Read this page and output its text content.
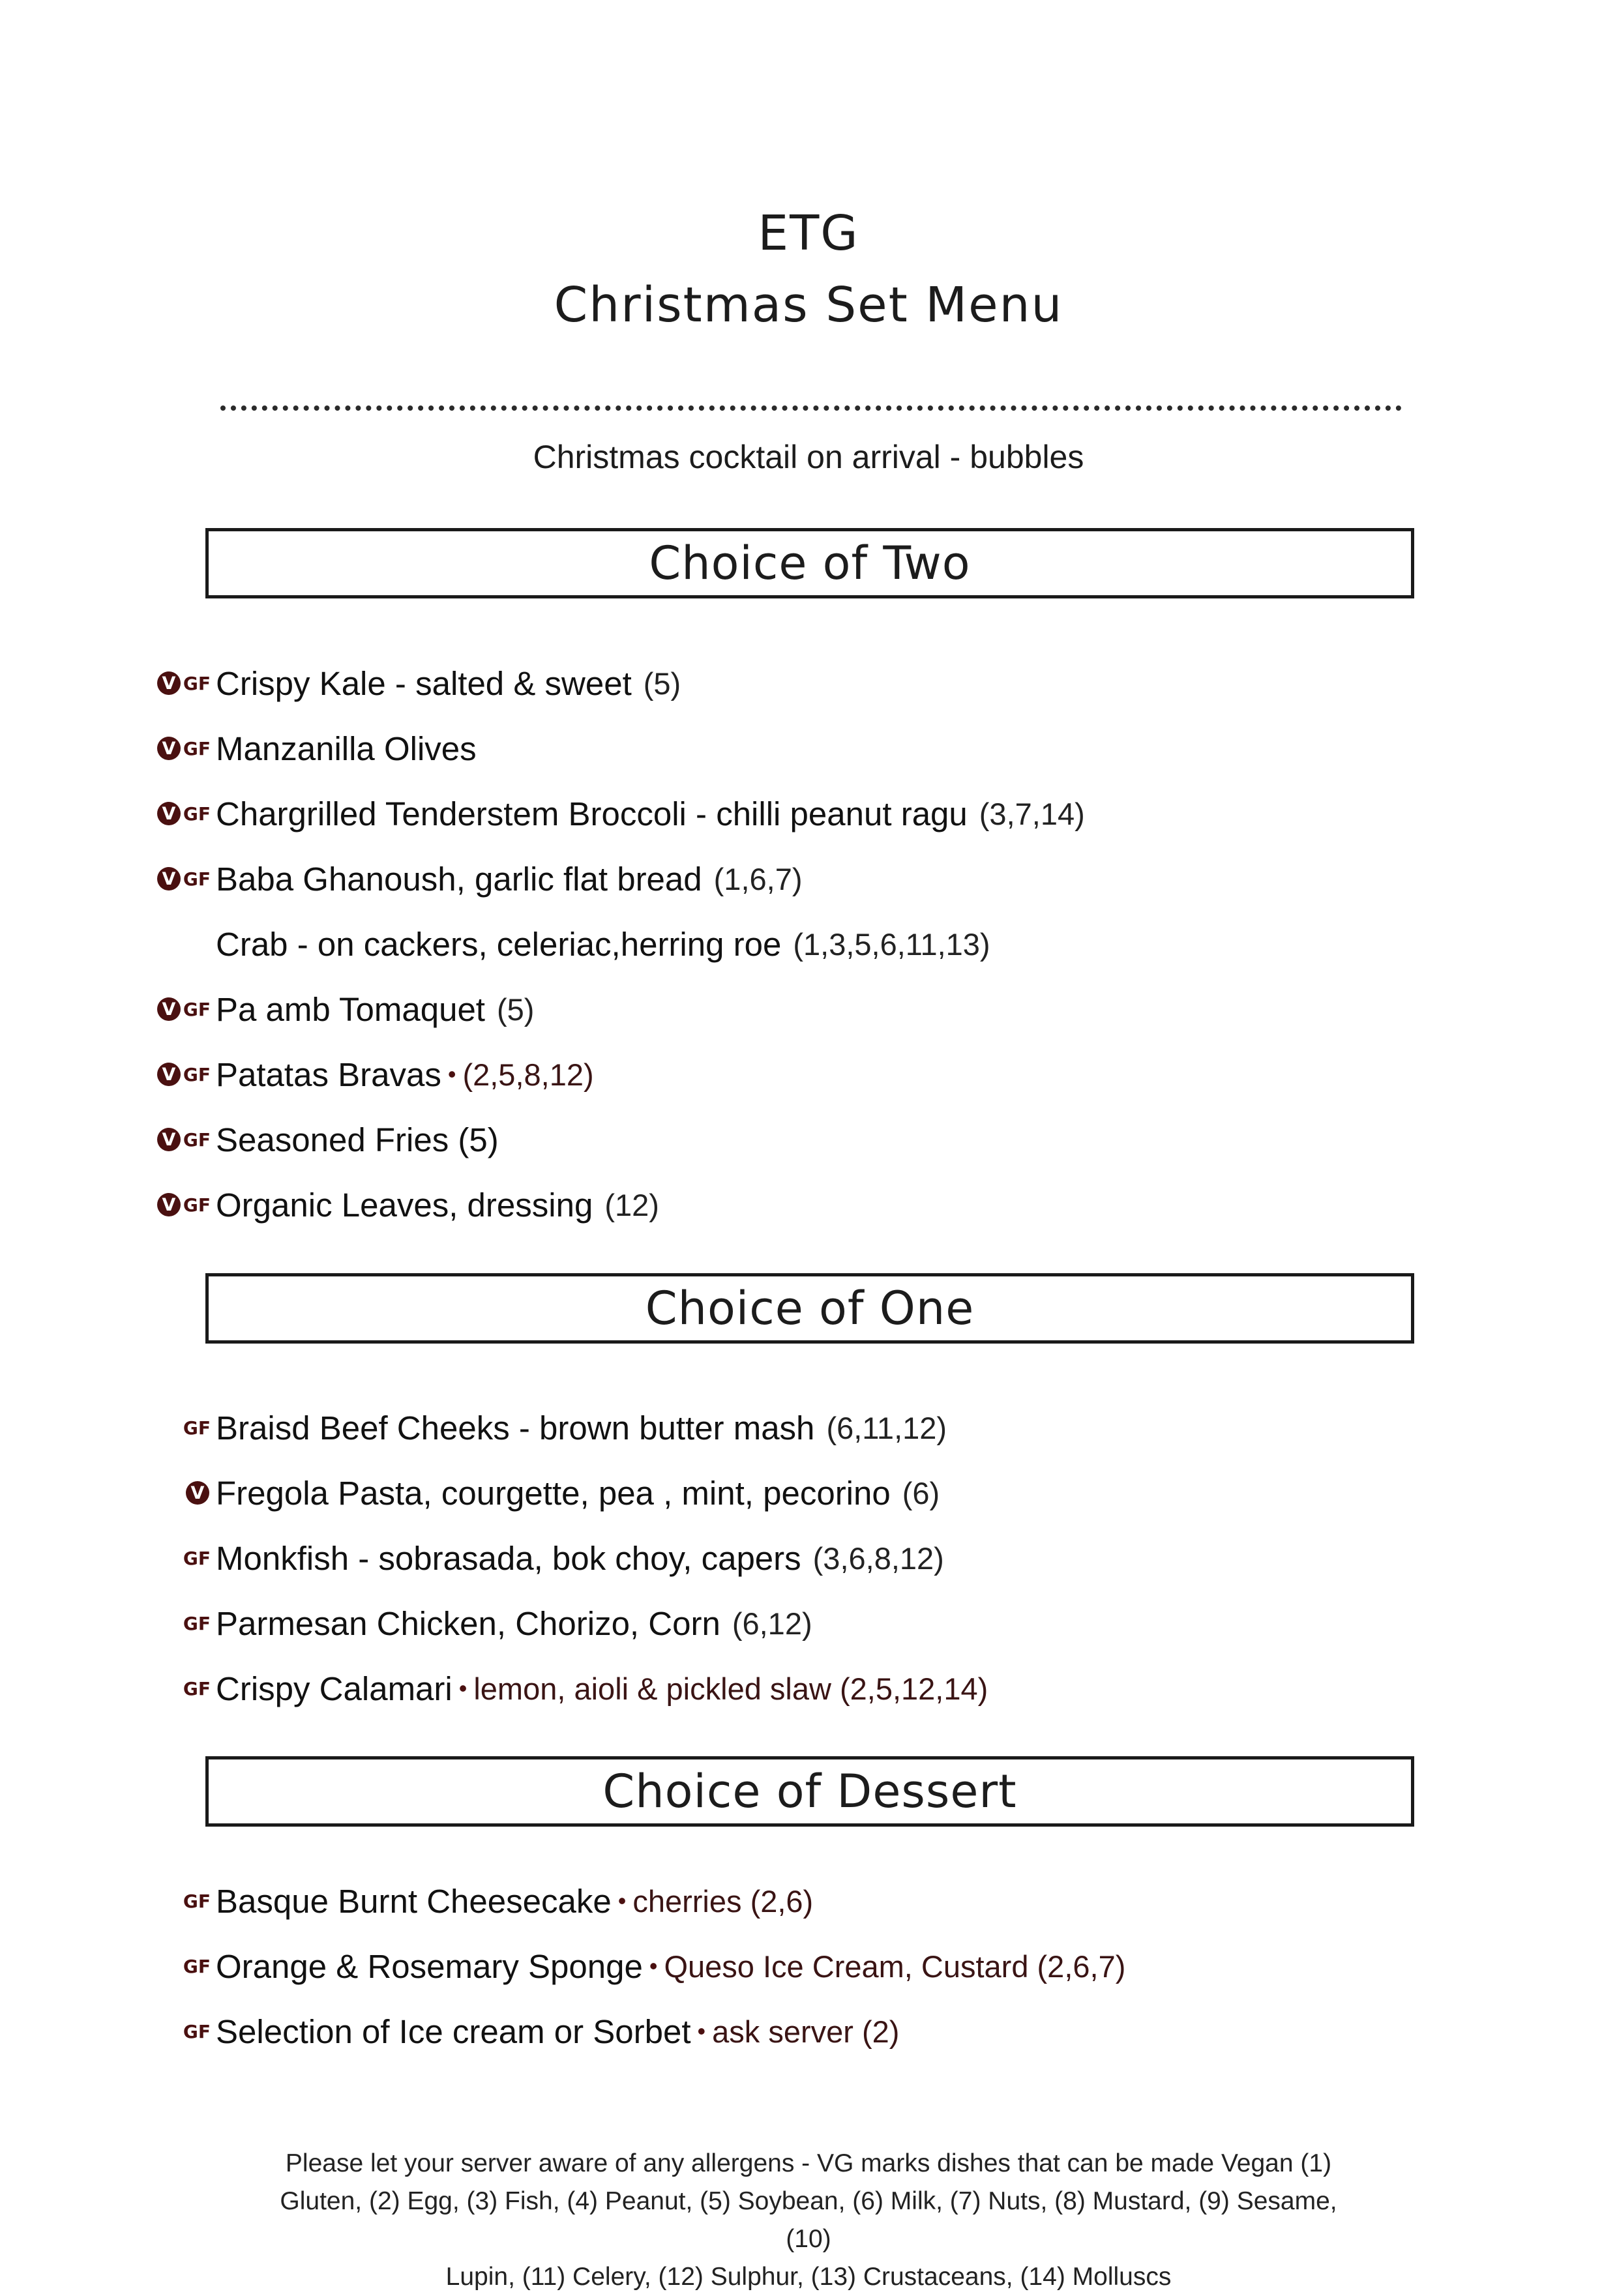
ETG
Christmas Set Menu
Christmas cocktail on arrival - bubbles
Choice of Two
V GF Crispy Kale - salted & sweet (5)
V GF Manzanilla Olives
V GF Chargrilled Tenderstem Broccoli - chilli peanut ragu (3,7,14)
V GF Baba Ghanoush, garlic flat bread (1,6,7)
Crab - on cackers, celeriac,herring roe (1,3,5,6,11,13)
V GF Pa amb Tomaquet (5)
V GF Patatas Bravas • (2,5,8,12)
V GF Seasoned Fries (5)
V GF Organic Leaves, dressing (12)
Choice of One
GF Braisd Beef Cheeks - brown butter mash (6,11,12)
V Fregola Pasta, courgette, pea , mint, pecorino (6)
GF Monkfish - sobrasada, bok choy, capers (3,6,8,12)
GF Parmesan Chicken, Chorizo, Corn (6,12)
GF Crispy Calamari • lemon, aioli & pickled slaw (2,5,12,14)
Choice of Dessert
GF Basque Burnt Cheesecake • cherries (2,6)
GF Orange & Rosemary Sponge • Queso Ice Cream, Custard (2,6,7)
GF Selection of Ice cream or Sorbet • ask server (2)
Please let your server aware of any allergens - VG marks dishes that can be made Vegan (1)
Gluten, (2) Egg, (3) Fish, (4) Peanut, (5) Soybean, (6) Milk, (7) Nuts, (8) Mustard, (9) Sesame, (10)
Lupin, (11) Celery, (12) Sulphur, (13) Crustaceans, (14) Molluscs
